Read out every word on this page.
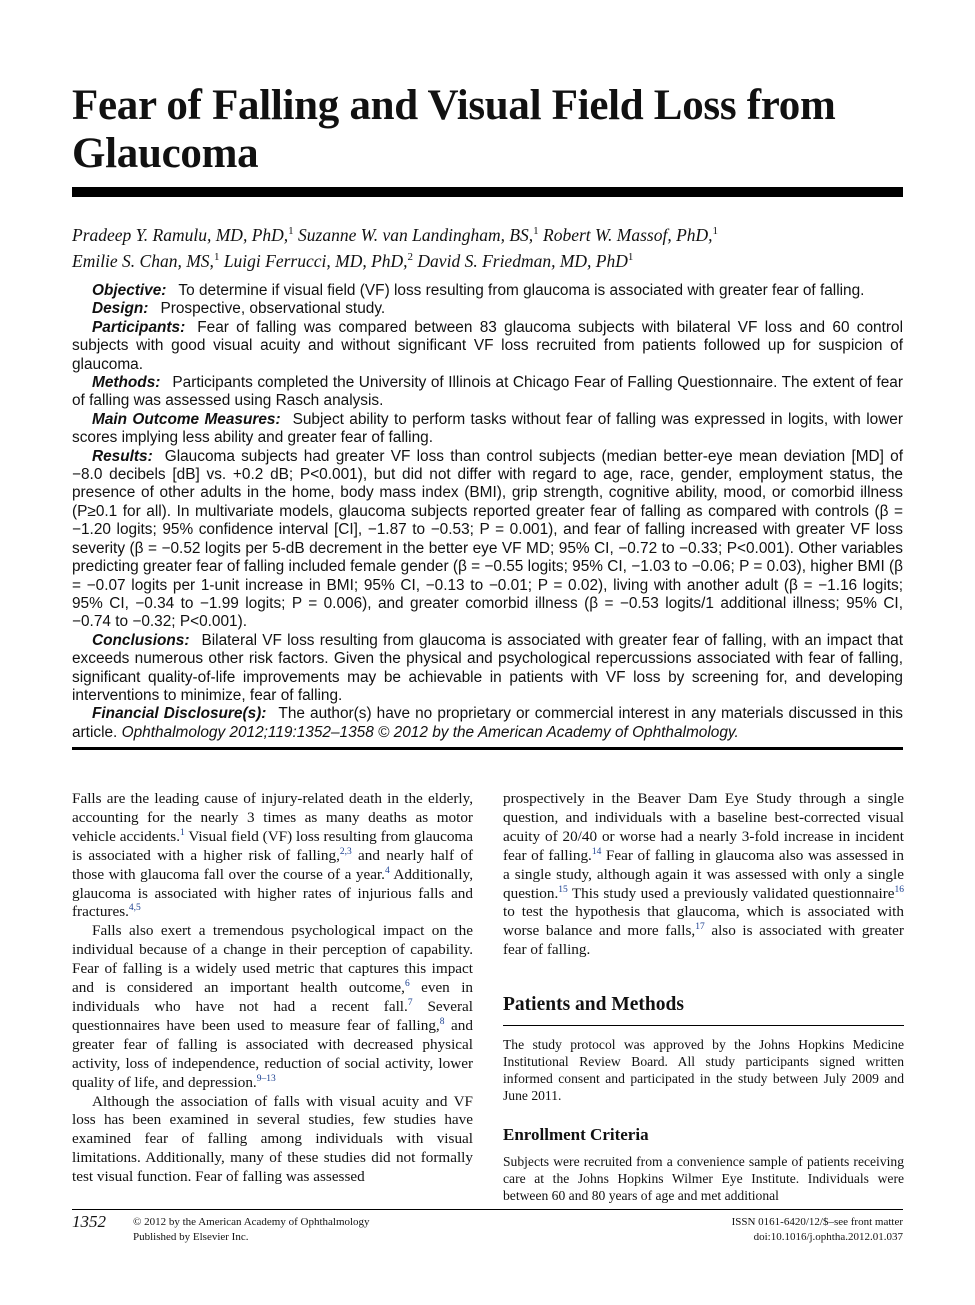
Fear of Falling and Visual Field Loss from Glaucoma
Pradeep Y. Ramulu, MD, PhD,$^1$ Suzanne W. van Landingham, BS,$^1$ Robert W. Massof, PhD,$^1$
Emilie S. Chan, MS,$^1$ Luigi Ferrucci, MD, PhD,$^2$ David S. Friedman, MD, PhD$^1$

Objective: To determine if visual field (VF) loss resulting from glaucoma is associated with greater fear of falling.

Design: Prospective, observational study.

Participants: Fear of falling was compared between 83 glaucoma subjects with bilateral VF loss and 60 control subjects with good visual acuity and without significant VF loss recruited from patients followed up for suspicion of glaucoma.

Methods: Participants completed the University of Illinois at Chicago Fear of Falling Questionnaire. The extent of fear of falling was assessed using Rasch analysis.

Main Outcome Measures: Subject ability to perform tasks without fear of falling was expressed in logits, with lower scores implying less ability and greater fear of falling.

Results: Glaucoma subjects had greater VF loss than control subjects (median better-eye mean deviation [MD] of −8.0 decibels [dB] vs. +0.2 dB; P<0.001), but did not differ with regard to age, race, gender, employment status, the presence of other adults in the home, body mass index (BMI), grip strength, cognitive ability, mood, or comorbid illness (P≥0.1 for all). In multivariate models, glaucoma subjects reported greater fear of falling as compared with controls (β = −1.20 logits; 95% confidence interval [CI], −1.87 to −0.53; P = 0.001), and fear of falling increased with greater VF loss severity (β = −0.52 logits per 5-dB decrement in the better eye VF MD; 95% CI, −0.72 to −0.33; P<0.001). Other variables predicting greater fear of falling included female gender (β = −0.55 logits; 95% CI, −1.03 to −0.06; P = 0.03), higher BMI (β = −0.07 logits per 1-unit increase in BMI; 95% CI, −0.13 to −0.01; P = 0.02), living with another adult (β = −1.16 logits; 95% CI, −0.34 to −1.99 logits; P = 0.006), and greater comorbid illness (β = −0.53 logits/1 additional illness; 95% CI, −0.74 to −0.32; P<0.001).

Conclusions: Bilateral VF loss resulting from glaucoma is associated with greater fear of falling, with an impact that exceeds numerous other risk factors. Given the physical and psychological repercussions associated with fear of falling, significant quality-of-life improvements may be achievable in patients with VF loss by screening for, and developing interventions to minimize, fear of falling.

Financial Disclosure(s): The author(s) have no proprietary or commercial interest in any materials discussed in this article. Ophthalmology 2012;119:1352–1358 © 2012 by the American Academy of Ophthalmology.

Falls are the leading cause of injury-related death in the elderly, accounting for the nearly 3 times as many deaths as motor vehicle accidents.$^1$ Visual field (VF) loss resulting from glaucoma is associated with a higher risk of falling,$^{2,3}$ and nearly half of those with glaucoma fall over the course of a year.$^4$ Additionally, glaucoma is associated with higher rates of injurious falls and fractures.$^{4,5}$

Falls also exert a tremendous psychological impact on the individual because of a change in their perception of capability. Fear of falling is a widely used metric that captures this impact and is considered an important health outcome,$^6$ even in individuals who have not had a recent fall.$^7$ Several questionnaires have been used to measure fear of falling,$^8$ and greater fear of falling is associated with decreased physical activity, loss of independence, reduction of social activity, lower quality of life, and depression.$^{9-13}$

Although the association of falls with visual acuity and VF loss has been examined in several studies, few studies have examined fear of falling among individuals with visual limitations. Additionally, many of these studies did not formally test visual function. Fear of falling was assessed

prospectively in the Beaver Dam Eye Study through a single question, and individuals with a baseline best-corrected visual acuity of 20/40 or worse had a nearly 3-fold increase in incident fear of falling.$^{14}$ Fear of falling in glaucoma also was assessed in a single study, although again it was assessed with only a single question.$^{15}$ This study used a previously validated questionnaire$^{16}$ to test the hypothesis that glaucoma, which is associated with worse balance and more falls,$^{17}$ also is associated with greater fear of falling.

Patients and Methods

The study protocol was approved by the Johns Hopkins Medicine Institutional Review Board. All study participants signed written informed consent and participated in the study between July 2009 and June 2011.

Enrollment Criteria

Subjects were recruited from a convenience sample of patients receiving care at the Johns Hopkins Wilmer Eye Institute. Individuals were between 60 and 80 years of age and met additional

1352 © 2012 by the American Academy of Ophthalmology
Published by Elsevier Inc.
ISSN 0161-6420/12/$–see front matter
doi:10.1016/j.ophtha.2012.01.037
